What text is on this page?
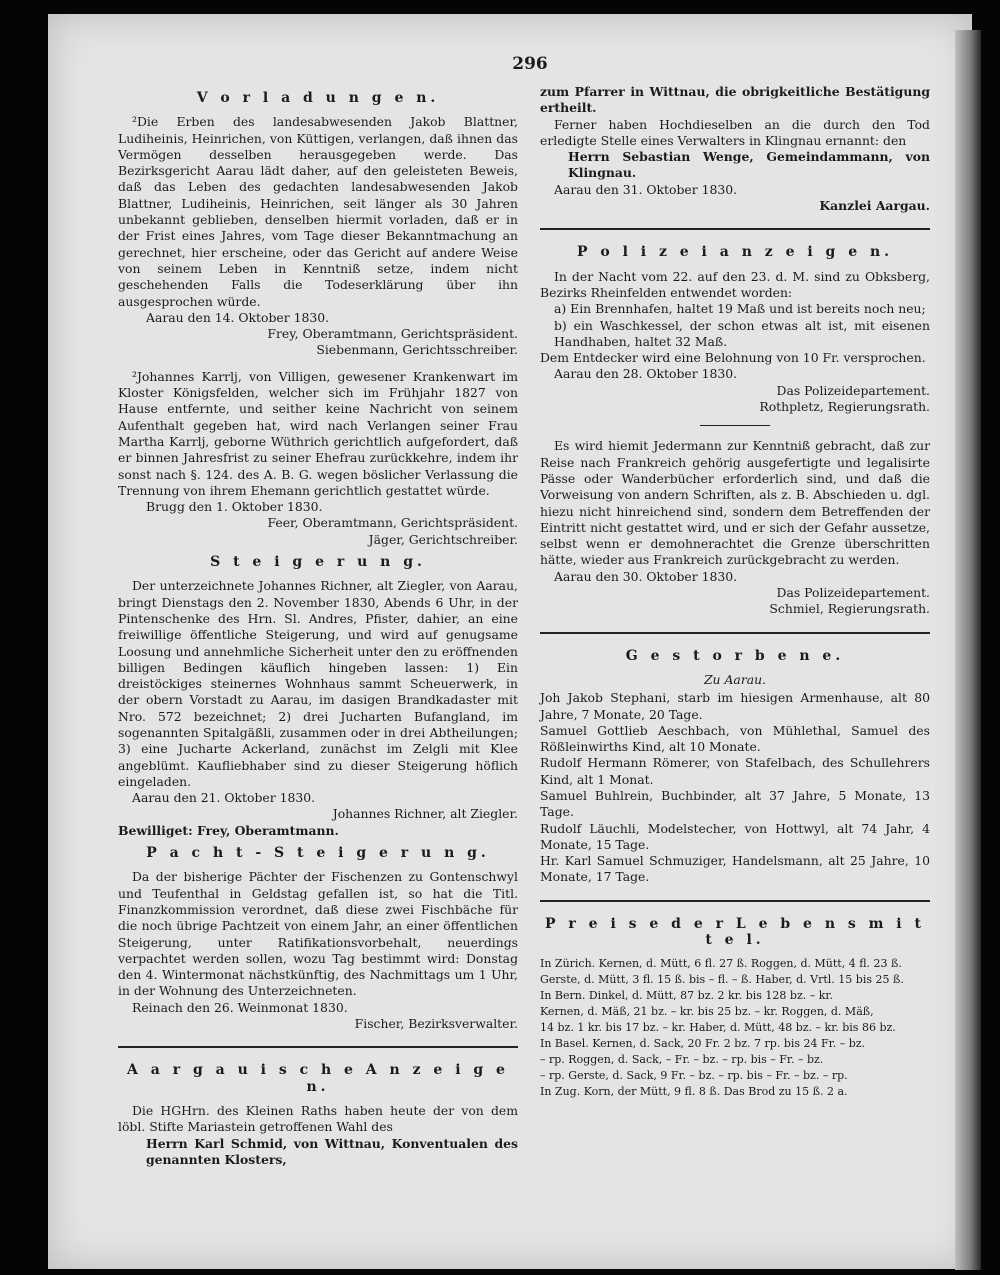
296
V o r l a d u n g e n.

²Die Erben des landesabwesenden Jakob Blattner, Ludiheinis, Heinrichen, von Küttigen, verlangen, daß ihnen das Vermögen desselben herausgegeben werde. Das Bezirksgericht Aarau lädt daher, auf den geleisteten Beweis, daß das Leben des gedachten landesabwesenden Jakob Blattner, Ludiheinis, Heinrichen, seit länger als 30 Jahren unbekannt geblieben, denselben hiermit vorladen, daß er in der Frist eines Jahres, vom Tage dieser Bekanntmachung an gerechnet, hier erscheine, oder das Gericht auf andere Weise von seinem Leben in Kenntniß setze, indem nicht geschehenden Falls die Todeserklärung über ihn ausgesprochen würde.

Aarau den 14. Oktober 1830.

Frey, Oberamtmann, Gerichtspräsident.

Siebenmann, Gerichtsschreiber.

²Johannes Karrlj, von Villigen, gewesener Krankenwart im Kloster Königsfelden, welcher sich im Frühjahr 1827 von Hause entfernte, und seither keine Nachricht von seinem Aufenthalt gegeben hat, wird nach Verlangen seiner Frau Martha Karrlj, geborne Wüthrich gerichtlich aufgefordert, daß er binnen Jahresfrist zu seiner Ehefrau zurückkehre, indem ihr sonst nach §. 124. des A. B. G. wegen böslicher Verlassung die Trennung von ihrem Ehemann gerichtlich gestattet würde.

Brugg den 1. Oktober 1830.

Feer, Oberamtmann, Gerichtspräsident.

Jäger, Gerichtschreiber.

S t e i g e r u n g.

Der unterzeichnete Johannes Richner, alt Ziegler, von Aarau, bringt Dienstags den 2. November 1830, Abends 6 Uhr, in der Pintenschenke des Hrn. Sl. Andres, Pfister, dahier, an eine freiwillige öffentliche Steigerung, und wird auf genugsame Loosung und annehmliche Sicherheit unter den zu eröffnenden billigen Bedingen käuflich hingeben lassen: 1) Ein dreistöckiges steinernes Wohnhaus sammt Scheuerwerk, in der obern Vorstadt zu Aarau, im dasigen Brandkadaster mit Nro. 572 bezeichnet; 2) drei Jucharten Bufangland, im sogenannten Spitalgäßli, zusammen oder in drei Abtheilungen; 3) eine Jucharte Ackerland, zunächst im Zelgli mit Klee angeblümt. Kaufliebhaber sind zu dieser Steigerung höflich eingeladen.

Aarau den 21. Oktober 1830.

Johannes Richner, alt Ziegler.

Bewilliget: Frey, Oberamtmann.

P a c h t - S t e i g e r u n g.

Da der bisherige Pächter der Fischenzen zu Gontenschwyl und Teufenthal in Geldstag gefallen ist, so hat die Titl. Finanzkommission verordnet, daß diese zwei Fischbäche für die noch übrige Pachtzeit von einem Jahr, an einer öffentlichen Steigerung, unter Ratifikationsvorbehalt, neuerdings verpachtet werden sollen, wozu Tag bestimmt wird: Donstag den 4. Wintermonat nächstkünftig, des Nachmittags um 1 Uhr, in der Wohnung des Unterzeichneten.

Reinach den 26. Weinmonat 1830.

Fischer, Bezirksverwalter.

A a r g a u i s c h e A n z e i g e n.

Die HGHrn. des Kleinen Raths haben heute der von dem löbl. Stifte Mariastein getroffenen Wahl des

Herrn Karl Schmid, von Wittnau, Konventualen des genannten Klosters,

zum Pfarrer in Wittnau, die obrigkeitliche Bestätigung ertheilt.

Ferner haben Hochdieselben an die durch den Tod erledigte Stelle eines Verwalters in Klingnau ernannt: den

Herrn Sebastian Wenge, Gemeindammann, von Klingnau.

Aarau den 31. Oktober 1830.

Kanzlei Aargau.

P o l i z e i a n z e i g e n.

In der Nacht vom 22. auf den 23. d. M. sind zu Obksberg, Bezirks Rheinfelden entwendet worden:

a) Ein Brennhafen, haltet 19 Maß und ist bereits noch neu;

b) ein Waschkessel, der schon etwas alt ist, mit eisenen Handhaben, haltet 32 Maß.

Dem Entdecker wird eine Belohnung von 10 Fr. versprochen.

Aarau den 28. Oktober 1830.

Das Polizeidepartement.

Rothpletz, Regierungsrath.

Es wird hiemit Jedermann zur Kenntniß gebracht, daß zur Reise nach Frankreich gehörig ausgefertigte und legalisirte Pässe oder Wanderbücher erforderlich sind, und daß die Vorweisung von andern Schriften, als z. B. Abschieden u. dgl. hiezu nicht hinreichend sind, sondern dem Betreffenden der Eintritt nicht gestattet wird, und er sich der Gefahr aussetze, selbst wenn er demohnerachtet die Grenze überschritten hätte, wieder aus Frankreich zurückgebracht zu werden.

Aarau den 30. Oktober 1830.

Das Polizeidepartement.

Schmiel, Regierungsrath.

G e s t o r b e n e.

Zu Aarau.

Joh Jakob Stephani, starb im hiesigen Armenhause, alt 80 Jahre, 7 Monate, 20 Tage.

Samuel Gottlieb Aeschbach, von Mühlethal, Samuel des Rößleinwirths Kind, alt 10 Monate.

Rudolf Hermann Römerer, von Stafelbach, des Schullehrers Kind, alt 1 Monat.

Samuel Buhlrein, Buchbinder, alt 37 Jahre, 5 Monate, 13 Tage.

Rudolf Läuchli, Modelstecher, von Hottwyl, alt 74 Jahr, 4 Monate, 15 Tage.

Hr. Karl Samuel Schmuziger, Handelsmann, alt 25 Jahre, 10 Monate, 17 Tage.

P r e i s e d e r L e b e n s m i t t e l.

In Zürich. Kernen, d. Mütt, 6 fl. 27 ß. Roggen, d. Mütt, 4 fl. 23 ß.

Gerste, d. Mütt, 3 fl. 15 ß. bis – fl. – ß. Haber, d. Vrtl. 15 bis 25 ß.

In Bern. Dinkel, d. Mütt, 87 bz. 2 kr. bis 128 bz. – kr.

Kernen, d. Mäß, 21 bz. – kr. bis 25 bz. – kr. Roggen, d. Mäß,

14 bz. 1 kr. bis 17 bz. – kr. Haber, d. Mütt, 48 bz. – kr. bis 86 bz.

In Basel. Kernen, d. Sack, 20 Fr. 2 bz. 7 rp. bis 24 Fr. – bz.

– rp. Roggen, d. Sack, – Fr. – bz. – rp. bis – Fr. – bz.

– rp. Gerste, d. Sack, 9 Fr. – bz. – rp. bis – Fr. – bz. – rp.

In Zug. Korn, der Mütt, 9 fl. 8 ß. Das Brod zu 15 ß. 2 a.
